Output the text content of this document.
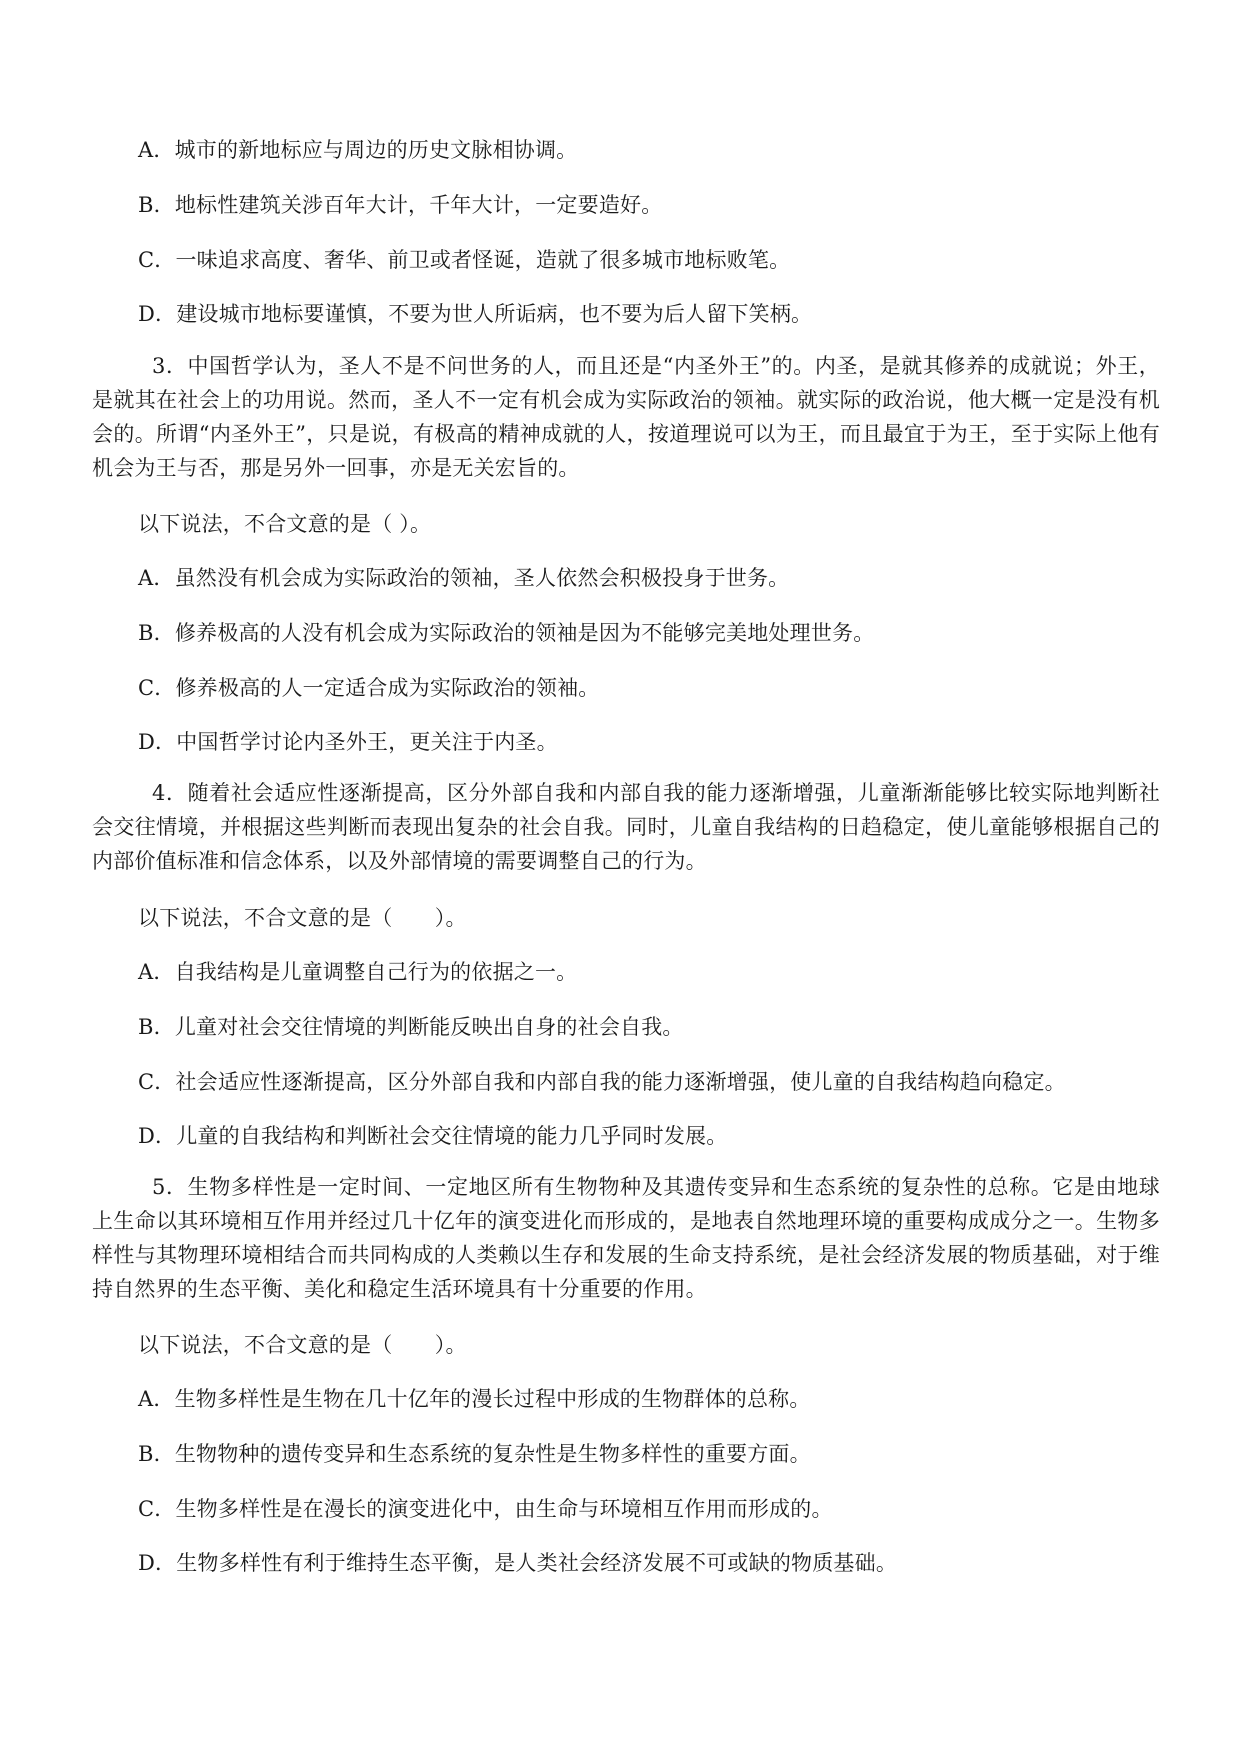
A．城市的新地标应与周边的历史文脉相协调。
B．地标性建筑关涉百年大计，千年大计，一定要造好。
C．一味追求高度、奢华、前卫或者怪诞，造就了很多城市地标败笔。
D．建设城市地标要谨慎，不要为世人所诟病，也不要为后人留下笑柄。
3．中国哲学认为，圣人不是不问世务的人，而且还是“内圣外王”的。内圣，是就其修养的成就说；外王，是就其在社会上的功用说。然而，圣人不一定有机会成为实际政治的领袖。就实际的政治说，他大概一定是没有机会的。所谓“内圣外王”，只是说，有极高的精神成就的人，按道理说可以为王，而且最宜于为王，至于实际上他有机会为王与否，那是另外一回事，亦是无关宏旨的。
以下说法，不合文意的是（ ）。
A．虽然没有机会成为实际政治的领袖，圣人依然会积极投身于世务。
B．修养极高的人没有机会成为实际政治的领袖是因为不能够完美地处理世务。
C．修养极高的人一定适合成为实际政治的领袖。
D．中国哲学讨论内圣外王，更关注于内圣。
4．随着社会适应性逐渐提高，区分外部自我和内部自我的能力逐渐增强，儿童渐渐能够比较实际地判断社会交往情境，并根据这些判断而表现出复杂的社会自我。同时，儿童自我结构的日趋稳定，使儿童能够根据自己的内部价值标准和信念体系，以及外部情境的需要调整自己的行为。
以下说法，不合文意的是（　　）。
A．自我结构是儿童调整自己行为的依据之一。
B．儿童对社会交往情境的判断能反映出自身的社会自我。
C．社会适应性逐渐提高，区分外部自我和内部自我的能力逐渐增强，使儿童的自我结构趋向稳定。
D．儿童的自我结构和判断社会交往情境的能力几乎同时发展。
5．生物多样性是一定时间、一定地区所有生物物种及其遗传变异和生态系统的复杂性的总称。它是由地球上生命以其环境相互作用并经过几十亿年的演变进化而形成的，是地表自然地理环境的重要构成成分之一。生物多样性与其物理环境相结合而共同构成的人类赖以生存和发展的生命支持系统，是社会经济发展的物质基础，对于维持自然界的生态平衡、美化和稳定生活环境具有十分重要的作用。
以下说法，不合文意的是（　　）。
A．生物多样性是生物在几十亿年的漫长过程中形成的生物群体的总称。
B．生物物种的遗传变异和生态系统的复杂性是生物多样性的重要方面。
C．生物多样性是在漫长的演变进化中，由生命与环境相互作用而形成的。
D．生物多样性有利于维持生态平衡，是人类社会经济发展不可或缺的物质基础。
